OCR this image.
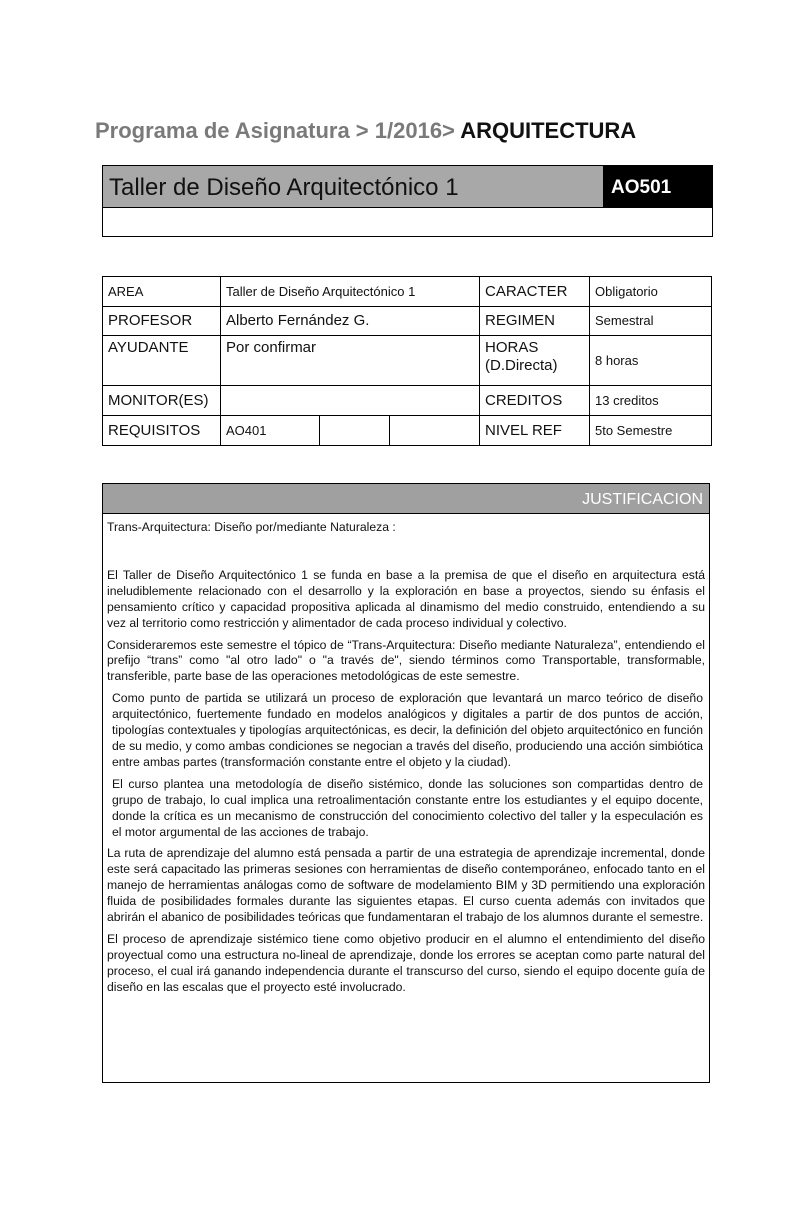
Programa de Asignatura > 1/2016> ARQUITECTURA
Taller de Diseño Arquitectónico 1	AO501
AREA	Taller de Diseño Arquitectónico 1			CARACTER	Obligatorio
PROFESOR	Alberto Fernández G.			REGIMEN	Semestral
AYUDANTE	Por confirmar			HORAS (D.Directa)	8 horas
MONITOR(ES)				CREDITOS	13 creditos
REQUISITOS	AO401			NIVEL REF	5to Semestre
JUSTIFICACION

Trans-Arquitectura: Diseño por/mediante Naturaleza :

El Taller de Diseño Arquitectónico 1 se funda en base a la premisa de que el diseño en arquitectura está ineludiblemente relacionado con el desarrollo y la exploración en base a proyectos, siendo su énfasis el pensamiento crítico y capacidad propositiva aplicada al dinamismo del medio construido, entendiendo a su vez al territorio como restricción y alimentador de cada proceso individual y colectivo.

Consideraremos este semestre el tópico de “Trans-Arquitectura: Diseño mediante Naturaleza”, entendiendo el prefijo “trans” como "al otro lado" o "a través de", siendo términos como Transportable, transformable, transferible, parte base de las operaciones metodológicas de este semestre.

Como punto de partida se utilizará un proceso de exploración que levantará un marco teórico de diseño arquitectónico, fuertemente fundado en modelos analógicos y digitales a partir de dos puntos de acción, tipologías contextuales y tipologías arquitectónicas, es decir, la definición del objeto arquitectónico en función de su medio, y como ambas condiciones se negocian a través del diseño, produciendo una acción simbiótica entre ambas partes (transformación constante entre el objeto y la ciudad).

El curso plantea una metodología de diseño sistémico, donde las soluciones son compartidas dentro de grupo de trabajo, lo cual implica una retroalimentación constante entre los estudiantes y el equipo docente, donde la crítica es un mecanismo de construcción del conocimiento colectivo del taller y la especulación es el motor argumental de las acciones de trabajo.

La ruta de aprendizaje del alumno está pensada a partir de una estrategia de aprendizaje incremental, donde este será capacitado las primeras sesiones con herramientas de diseño contemporáneo, enfocado tanto en el manejo de herramientas análogas como de software de modelamiento BIM y 3D permitiendo una exploración fluida de posibilidades formales durante las siguientes etapas. El curso cuenta además con invitados que abrirán el abanico de posibilidades teóricas que fundamentaran el trabajo de los alumnos durante el semestre.

El proceso de aprendizaje sistémico tiene como objetivo producir en el alumno el entendimiento del diseño proyectual como una estructura no-lineal de aprendizaje, donde los errores se aceptan como parte natural del proceso, el cual irá ganando independencia durante el transcurso del curso, siendo el equipo docente guía de diseño en las escalas que el proyecto esté involucrado.
